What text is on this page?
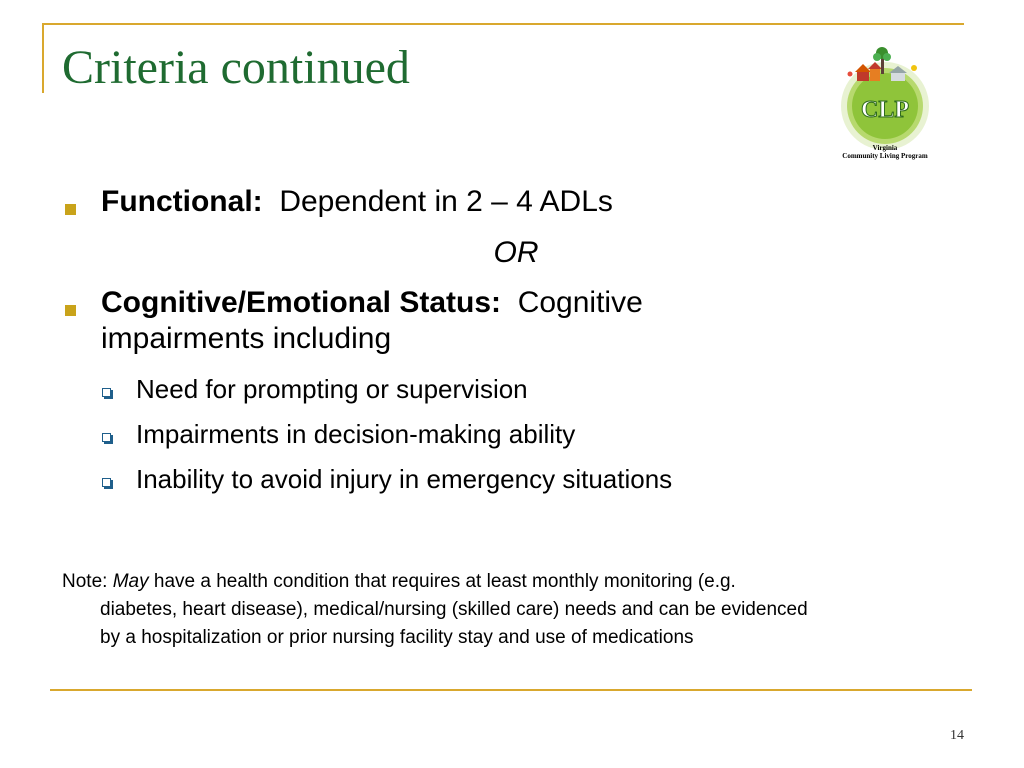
Criteria continued
CLP
Virginia
Community Living Program
Functional: Dependent in 2 – 4 ADLs
OR
Cognitive/Emotional Status: Cognitive
impairments including
Need for prompting or supervision
Impairments in decision-making ability
Inability to avoid injury in emergency situations

Note: May have a health condition that requires at least monthly monitoring (e.g.

diabetes, heart disease), medical/nursing (skilled care) needs and can be evidenced

by a hospitalization or prior nursing facility stay and use of medications

14
